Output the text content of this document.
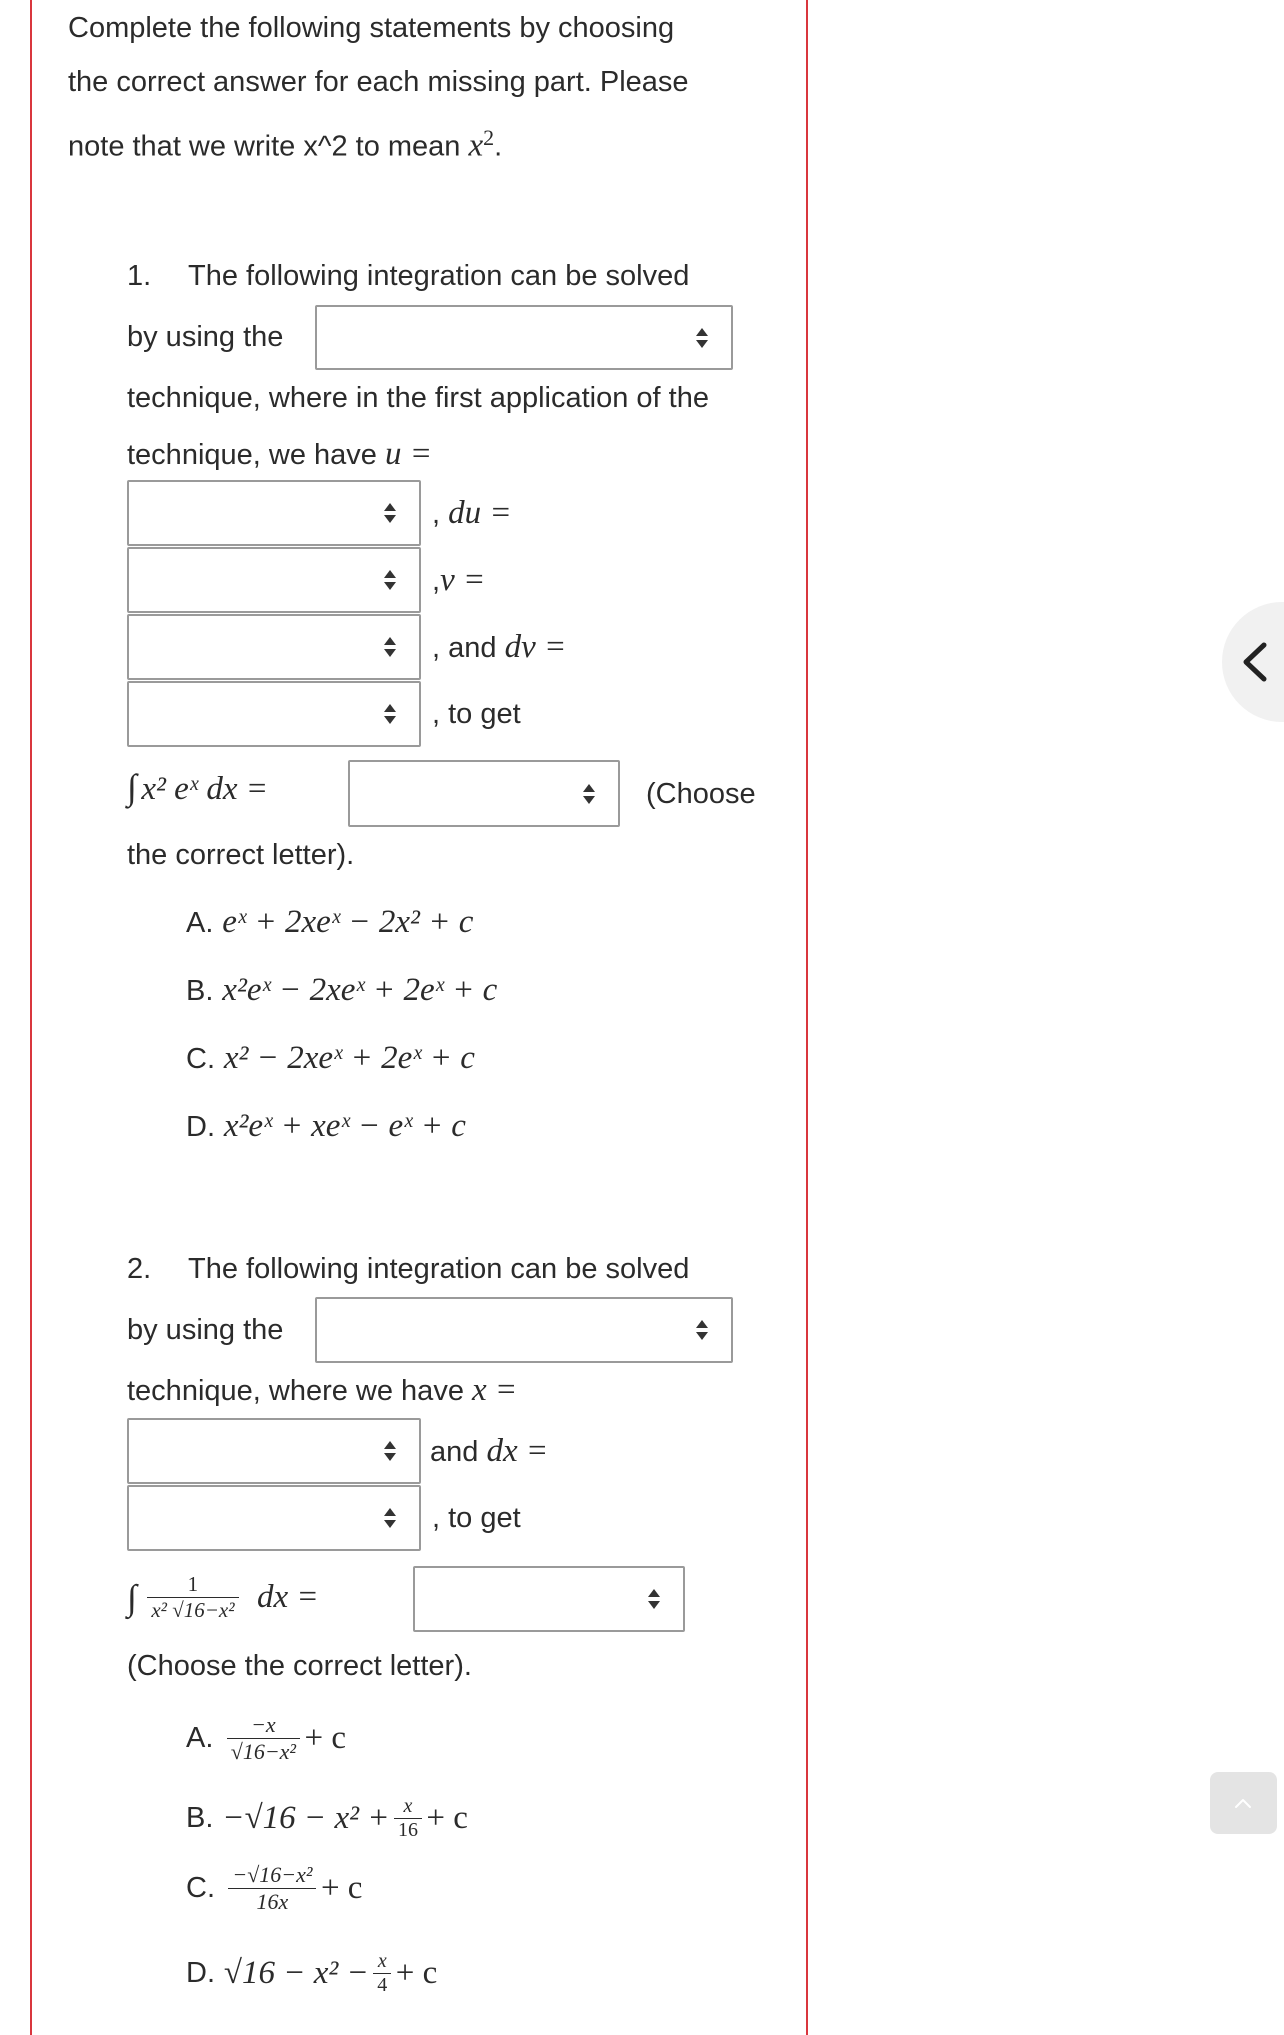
Complete the following statements by choosing
the correct answer for each missing part. Please
note that we write x^2 to mean $x^2$.
1. The following integration can be solved
by using the
technique, where in the first application of the
technique, we have u =
, du =
,v =
, and dv =
, to get
∫ x² eˣ dx =	(Choose
the correct letter).
A. eˣ + 2xeˣ − 2x² + c
B. x²eˣ − 2xeˣ + 2eˣ + c
C. x² − 2xeˣ + 2eˣ + c
D. x²eˣ + xeˣ − eˣ + c
2. The following integration can be solved
by using the
technique, where we have x =
and dx =
, to get
∫ $\frac{1}{\text{x² √16−x²}}$ dx =
(Choose the correct letter).
A. $\frac{-x}{\text{√16−x²}} + c$
B. $-√16 - x^2 + \frac{x}{16} + c$
C. $\frac{\text{−√16−x²}}{16x} + c$
D. $√16 - x^2 - \frac{x}{4} + c$
